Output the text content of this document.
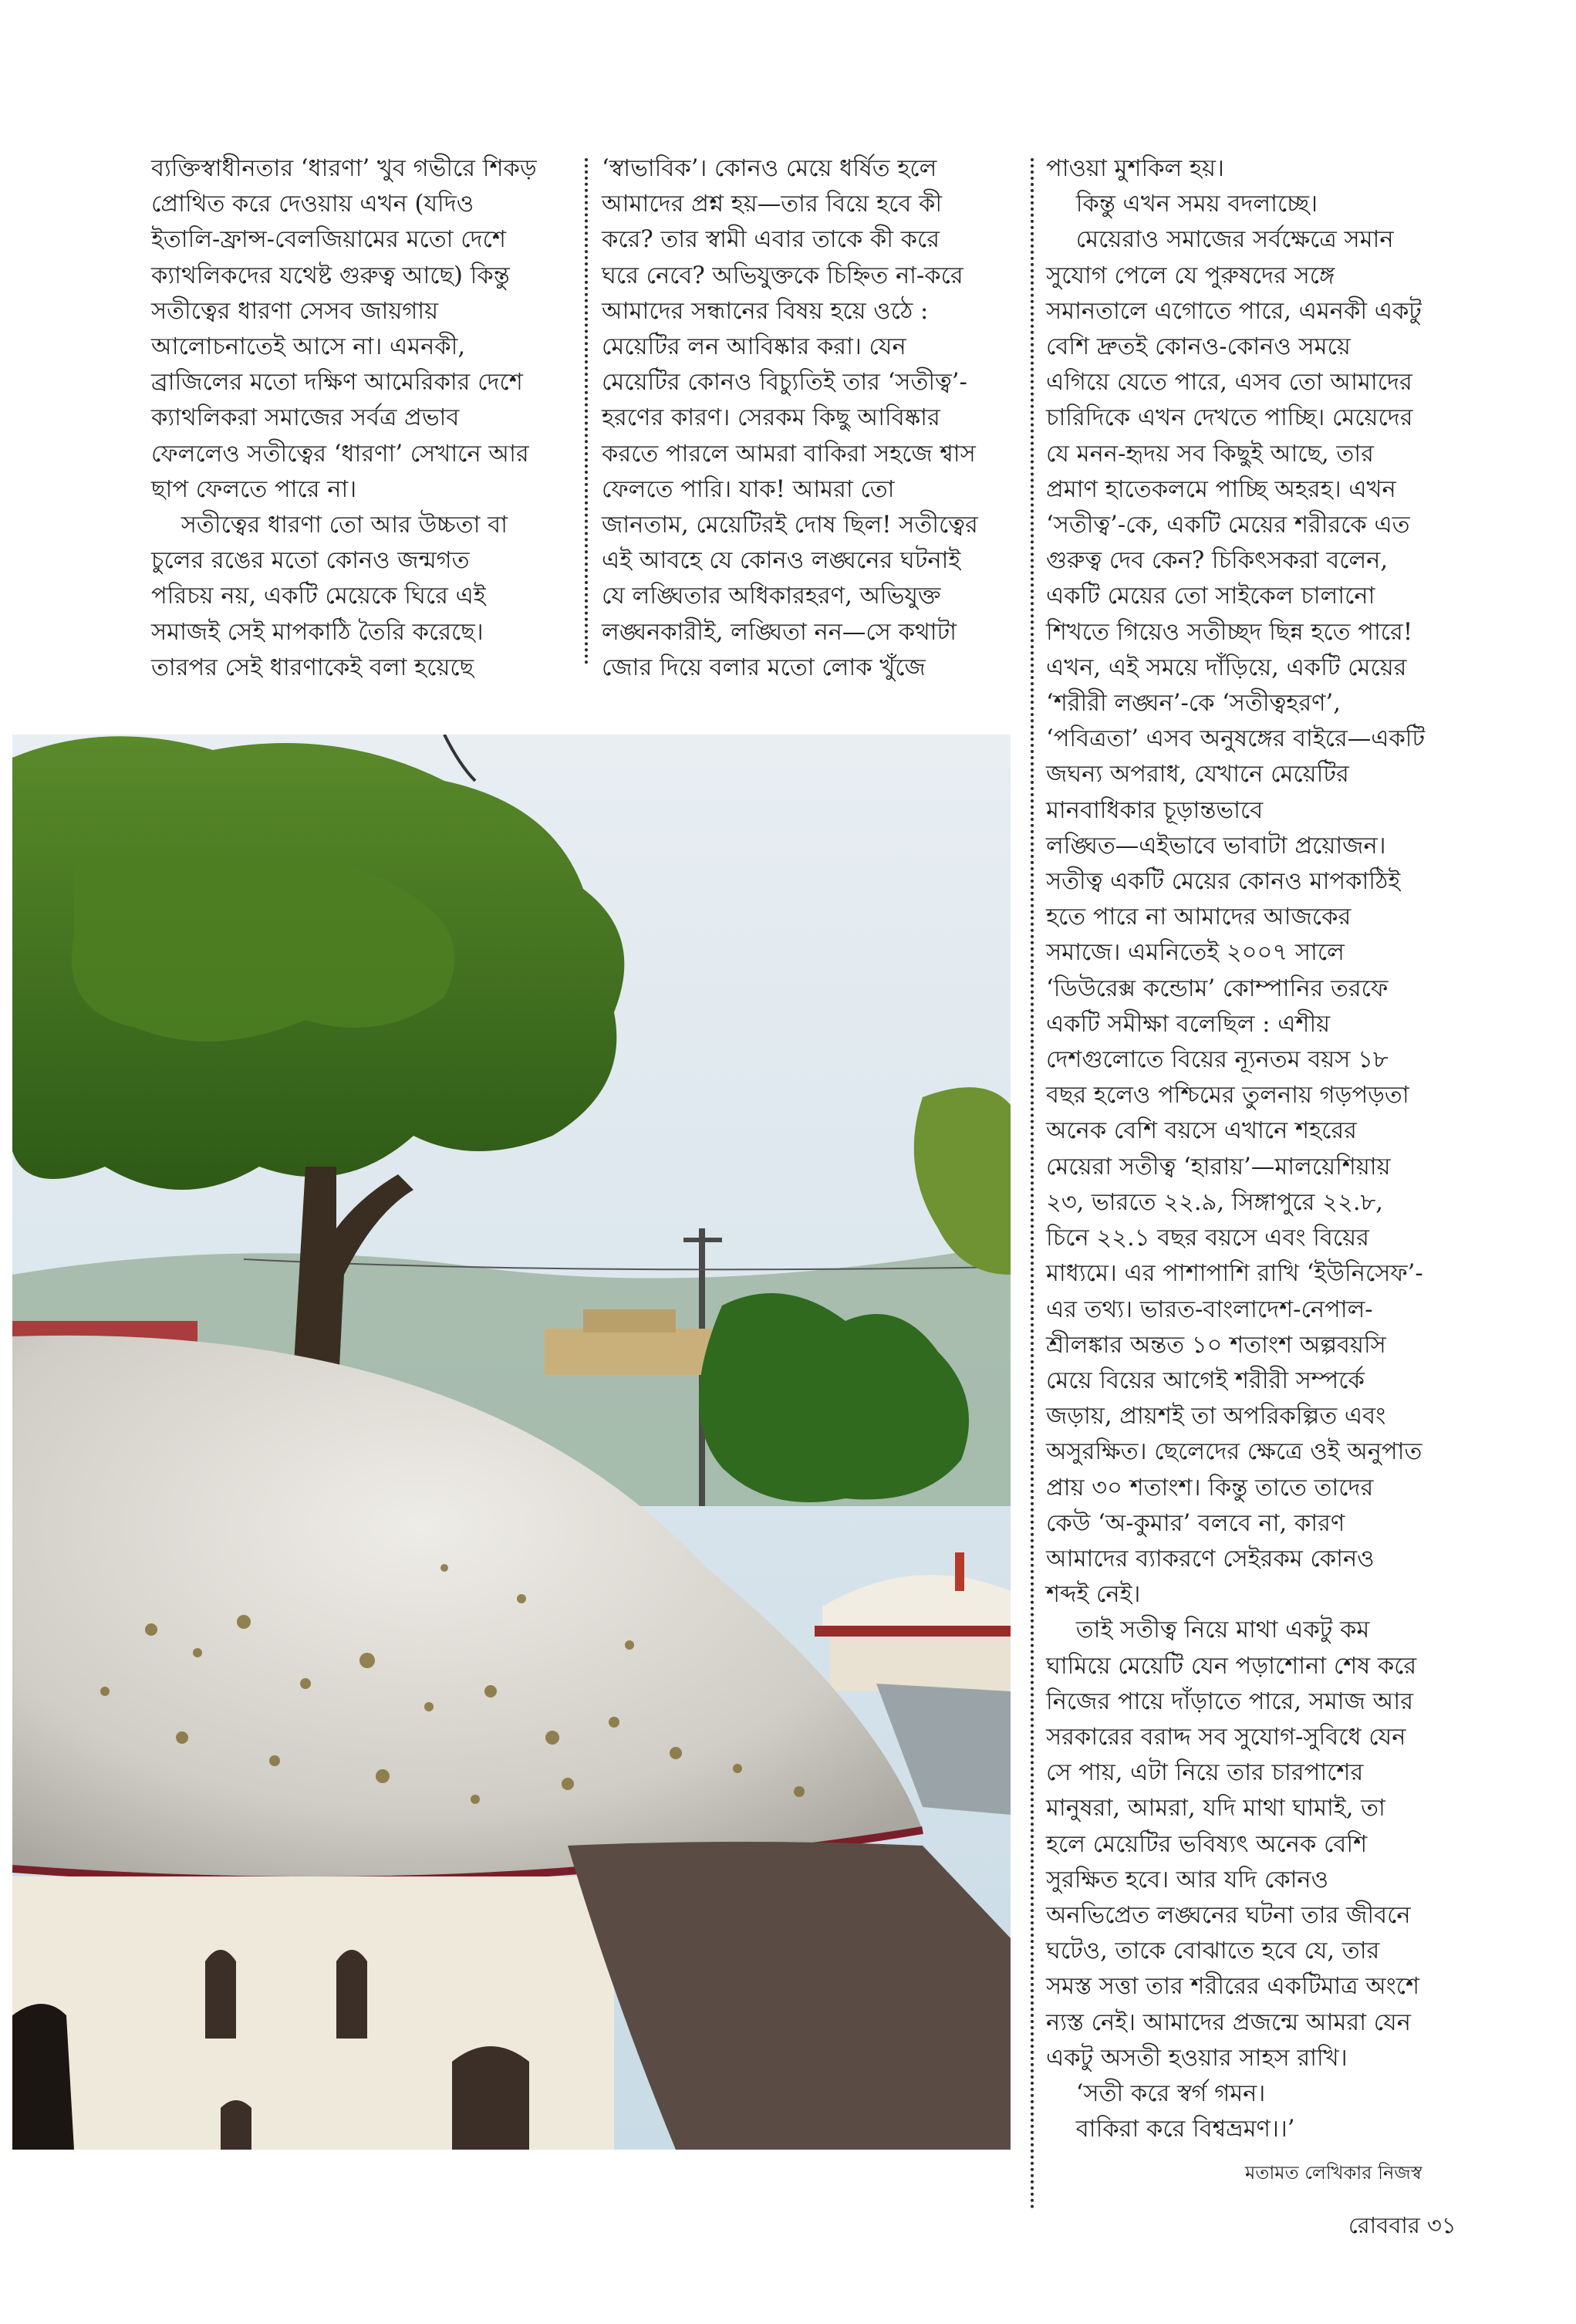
ব্যক্তিস্বাধীনতার ‘ধারণা’ খুব গভীরে শিকড়

প্রোথিত করে দেওয়ায় এখন (যদিও

ইতালি-ফ্রান্স-বেলজিয়ামের মতো দেশে

ক্যাথলিকদের যথেষ্ট গুরুত্ব আছে) কিন্তু

সতীত্বের ধারণা সেসব জায়গায়

আলোচনাতেই আসে না। এমনকী,

ব্রাজিলের মতো দক্ষিণ আমেরিকার দেশে

ক্যাথলিকরা সমাজের সর্বত্র প্রভাব

ফেললেও সতীত্বের ‘ধারণা’ সেখানে আর

ছাপ ফেলতে পারে না।

সতীত্বের ধারণা তো আর উচ্চতা বা

চুলের রঙের মতো কোনও জন্মগত

পরিচয় নয়, একটি মেয়েকে ঘিরে এই

সমাজই সেই মাপকাঠি তৈরি করেছে।

তারপর সেই ধারণাকেই বলা হয়েছে

‘স্বাভাবিক’। কোনও মেয়ে ধর্ষিত হলে

আমাদের প্রশ্ন হয়—তার বিয়ে হবে কী

করে? তার স্বামী এবার তাকে কী করে

ঘরে নেবে? অভিযুক্তকে চিহ্নিত না-করে

আমাদের সন্ধানের বিষয় হয়ে ওঠে :

মেয়েটির লন আবিষ্কার করা। যেন

মেয়েটির কোনও বিচ্যুতিই তার ‘সতীত্ব’-

হরণের কারণ। সেরকম কিছু আবিষ্কার

করতে পারলে আমরা বাকিরা সহজে শ্বাস

ফেলতে পারি। যাক! আমরা তো

জানতাম, মেয়েটিরই দোষ ছিল! সতীত্বের

এই আবহে যে কোনও লঙ্ঘনের ঘটনাই

যে লঙ্ঘিতার অধিকারহরণ, অভিযুক্ত

লঙ্ঘনকারীই, লঙ্ঘিতা নন—সে কথাটা

জোর দিয়ে বলার মতো লোক খুঁজে

পাওয়া মুশকিল হয়।

কিন্তু এখন সময় বদলাচ্ছে।

মেয়েরাও সমাজের সর্বক্ষেত্রে সমান

সুযোগ পেলে যে পুরুষদের সঙ্গে

সমানতালে এগোতে পারে, এমনকী একটু

বেশি দ্রুতই কোনও-কোনও সময়ে

এগিয়ে যেতে পারে, এসব তো আমাদের

চারিদিকে এখন দেখতে পাচ্ছি। মেয়েদের

যে মনন-হৃদয় সব কিছুই আছে, তার

প্রমাণ হাতেকলমে পাচ্ছি অহরহ। এখন

‘সতীত্ব’-কে, একটি মেয়ের শরীরকে এত

গুরুত্ব দেব কেন? চিকিৎসকরা বলেন,

একটি মেয়ের তো সাইকেল চালানো

শিখতে গিয়েও সতীচ্ছদ ছিন্ন হতে পারে!

এখন, এই সময়ে দাঁড়িয়ে, একটি মেয়ের

‘শরীরী লঙ্ঘন’-কে ‘সতীত্বহরণ’,

‘পবিত্রতা’ এসব অনুষঙ্গের বাইরে—একটি

জঘন্য অপরাধ, যেখানে মেয়েটির

মানবাধিকার চূড়ান্তভাবে

লঙ্ঘিত—এইভাবে ভাবাটা প্রয়োজন।

সতীত্ব একটি মেয়ের কোনও মাপকাঠিই

হতে পারে না আমাদের আজকের

সমাজে। এমনিতেই ২০০৭ সালে

‘ডিউরেক্স কন্ডোম’ কোম্পানির তরফে

একটি সমীক্ষা বলেছিল : এশীয়

দেশগুলোতে বিয়ের ন্যূনতম বয়স ১৮

বছর হলেও পশ্চিমের তুলনায় গড়পড়তা

অনেক বেশি বয়সে এখানে শহরের

মেয়েরা সতীত্ব ‘হারায়’—মালয়েশিয়ায়

২৩, ভারতে ২২.৯, সিঙ্গাপুরে ২২.৮,

চিনে ২২.১ বছর বয়সে এবং বিয়ের

মাধ্যমে। এর পাশাপাশি রাখি ‘ইউনিসেফ’-

এর তথ্য। ভারত-বাংলাদেশ-নেপাল-

শ্রীলঙ্কার অন্তত ১০ শতাংশ অল্পবয়সি

মেয়ে বিয়ের আগেই শরীরী সম্পর্কে

জড়ায়, প্রায়শই তা অপরিকল্পিত এবং

অসুরক্ষিত। ছেলেদের ক্ষেত্রে ওই অনুপাত

প্রায় ৩০ শতাংশ। কিন্তু তাতে তাদের

কেউ ‘অ-কুমার’ বলবে না, কারণ

আমাদের ব্যাকরণে সেইরকম কোনও

শব্দই নেই।

তাই সতীত্ব নিয়ে মাথা একটু কম

ঘামিয়ে মেয়েটি যেন পড়াশোনা শেষ করে

নিজের পায়ে দাঁড়াতে পারে, সমাজ আর

সরকারের বরাদ্দ সব সুযোগ-সুবিধে যেন

সে পায়, এটা নিয়ে তার চারপাশের

মানুষরা, আমরা, যদি মাথা ঘামাই, তা

হলে মেয়েটির ভবিষ্যৎ অনেক বেশি

সুরক্ষিত হবে। আর যদি কোনও

অনভিপ্রেত লঙ্ঘনের ঘটনা তার জীবনে

ঘটেও, তাকে বোঝাতে হবে যে, তার

সমস্ত সত্তা তার শরীরের একটিমাত্র অংশে

ন্যস্ত নেই। আমাদের প্রজন্মে আমরা যেন

একটু অসতী হওয়ার সাহস রাখি।

‘সতী করে স্বর্গ গমন।

বাকিরা করে বিশ্বভ্রমণ।।’

মতামত লেখিকার নিজস্ব
রোববার ৩১
